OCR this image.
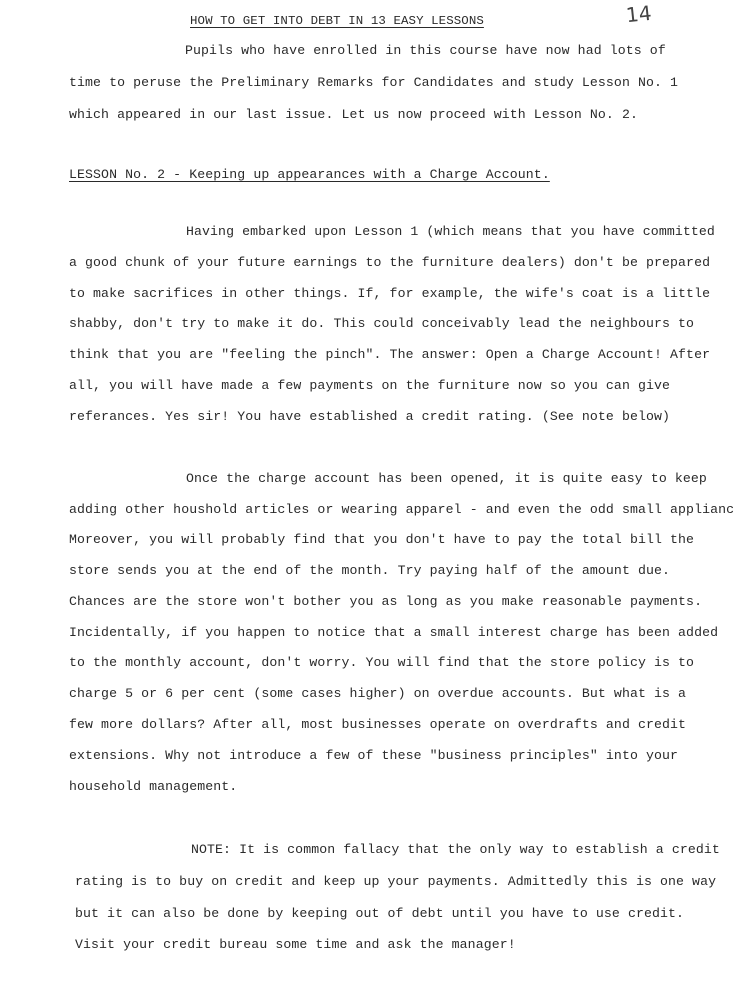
14
HOW TO GET INTO DEBT IN 13 EASY LESSONS
Pupils who have enrolled in this course have now had lots of
time to peruse the Preliminary Remarks for Candidates and study Lesson No. 1
which appeared in our last issue. Let us now proceed with Lesson No. 2.
LESSON No. 2 - Keeping up appearances with a Charge Account.
Having embarked upon Lesson 1 (which means that you have committed
a good chunk of your future earnings to the furniture dealers) don't be prepared
to make sacrifices in other things. If, for example, the wife's coat is a little
shabby, don't try to make it do. This could conceivably lead the neighbours to
think that you are "feeling the pinch". The answer: Open a Charge Account! After
all, you will have made a few payments on the furniture now so you can give
referances. Yes sir! You have established a credit rating. (See note below)
Once the charge account has been opened, it is quite easy to keep
adding other houshold articles or wearing apparel - and even the odd small applianc
Moreover, you will probably find that you don't have to pay the total bill the
store sends you at the end of the month. Try paying half of the amount due.
Chances are the store won't bother you as long as you make reasonable payments.
Incidentally, if you happen to notice that a small interest charge has been added
to the monthly account, don't worry. You will find that the store policy is to
charge 5 or 6 per cent (some cases higher) on overdue accounts. But what is a
few more dollars? After all, most businesses operate on overdrafts and credit
extensions. Why not introduce a few of these "business principles" into your
household management.
NOTE: It is common fallacy that the only way to establish a credit
rating is to buy on credit and keep up your payments. Admittedly this is one way
but it can also be done by keeping out of debt until you have to use credit.
Visit your credit bureau some time and ask the manager!
